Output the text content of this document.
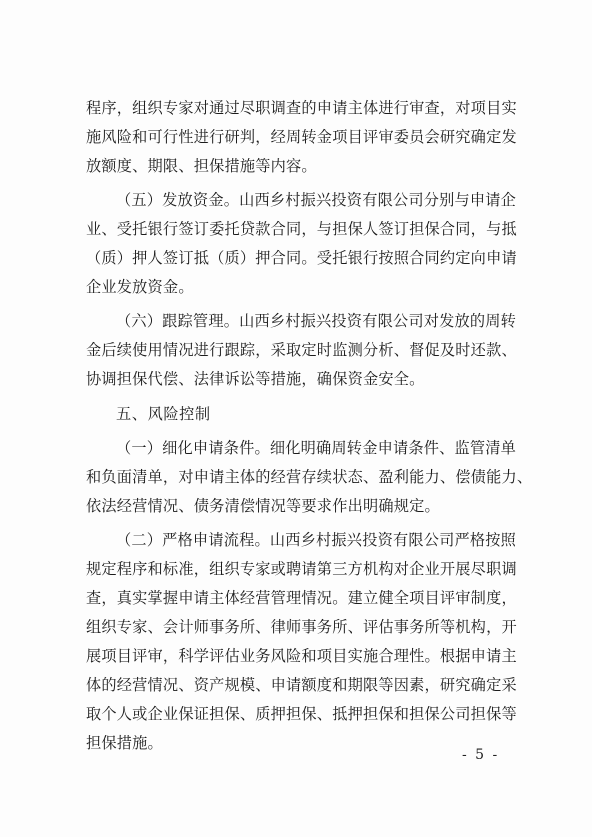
程序，组织专家对通过尽职调查的申请主体进行审查，对项目实
施风险和可行性进行研判，经周转金项目评审委员会研究确定发
放额度、期限、担保措施等内容。
（五）发放资金。山西乡村振兴投资有限公司分别与申请企
业、受托银行签订委托贷款合同，与担保人签订担保合同，与抵
（质）押人签订抵（质）押合同。受托银行按照合同约定向申请
企业发放资金。
（六）跟踪管理。山西乡村振兴投资有限公司对发放的周转
金后续使用情况进行跟踪，采取定时监测分析、督促及时还款、
协调担保代偿、法律诉讼等措施，确保资金安全。
五、风险控制
（一）细化申请条件。细化明确周转金申请条件、监管清单
和负面清单，对申请主体的经营存续状态、盈利能力、偿债能力、
依法经营情况、债务清偿情况等要求作出明确规定。
（二）严格申请流程。山西乡村振兴投资有限公司严格按照
规定程序和标准，组织专家或聘请第三方机构对企业开展尽职调
查，真实掌握申请主体经营管理情况。建立健全项目评审制度，
组织专家、会计师事务所、律师事务所、评估事务所等机构，开
展项目评审，科学评估业务风险和项目实施合理性。根据申请主
体的经营情况、资产规模、申请额度和期限等因素，研究确定采
取个人或企业保证担保、质押担保、抵押担保和担保公司担保等
担保措施。
- 5 -
